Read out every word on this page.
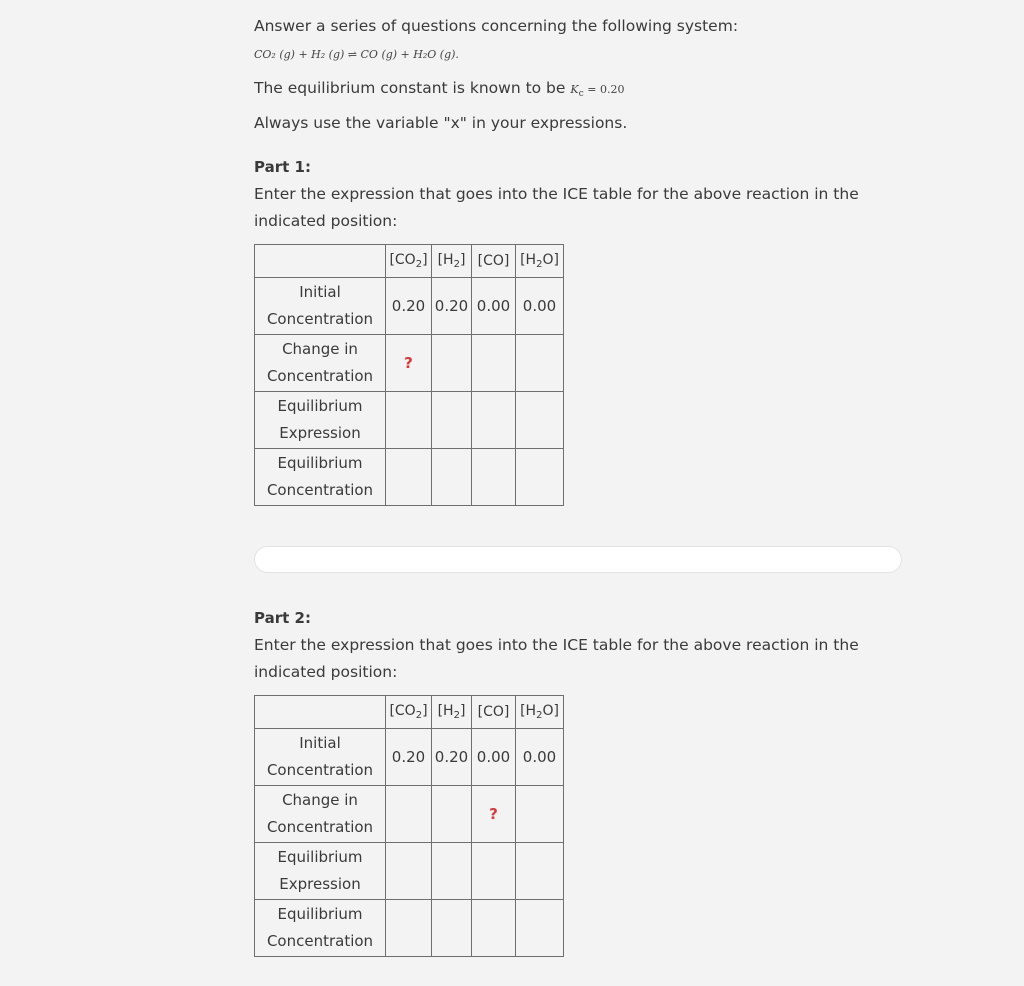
Answer a series of questions concerning the following system:
CO₂ (g) + H₂ (g) ⇌ CO (g) + H₂O (g).
The equilibrium constant is known to be $K_c = 0.20$
Always use the variable "x" in your expressions.
Part 1:
Enter the expression that goes into the ICE table for the above reaction in the
indicated position:
	$[CO_2]$	$[H_2]$	[CO]	$[H_2O]$
Initial
Concentration	0.20	0.20	0.00	0.00
Change in
Concentration	?			
Equilibrium
Expression				
Equilibrium
Concentration				
Part 2:
Enter the expression that goes into the ICE table for the above reaction in the
indicated position:
	$[CO_2]$	$[H_2]$	[CO]	$[H_2O]$
Initial
Concentration	0.20	0.20	0.00	0.00
Change in
Concentration			?	
Equilibrium
Expression				
Equilibrium
Concentration				
